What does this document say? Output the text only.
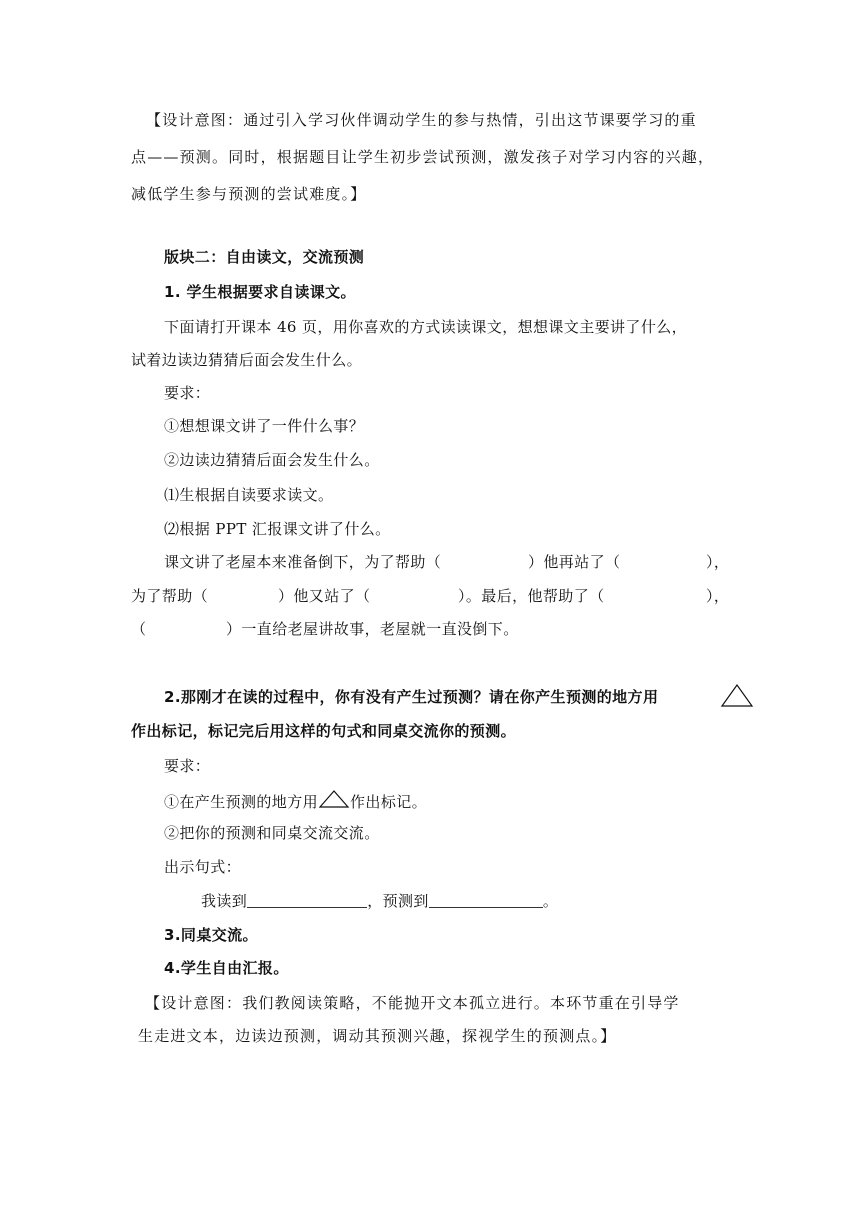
【设计意图：通过引入学习伙伴调动学生的参与热情，引出这节课要学习的重
点——预测。同时，根据题目让学生初步尝试预测，激发孩子对学习内容的兴趣，
减低学生参与预测的尝试难度。】
版块二：自由读文，交流预测
1. 学生根据要求自读课文。
下面请打开课本 46 页，用你喜欢的方式读读课文，想想课文主要讲了什么，
试着边读边猜猜后面会发生什么。
要求：
①想想课文讲了一件什么事？
②边读边猜猜后面会发生什么。
⑴生根据自读要求读文。
⑵根据 PPT 汇报课文讲了什么。
课文讲了老屋本来准备倒下，为了帮助（	）他再站了（	），
为了帮助（	）他又站了（	）。最后，他帮助了（	），
（	）一直给老屋讲故事，老屋就一直没倒下。
2.那刚才在读的过程中，你有没有产生过预测？请在你产生预测的地方用
作出标记，标记完后用这样的句式和同桌交流你的预测。
要求：
①在产生预测的地方用 作出标记。
②把你的预测和同桌交流交流。
出示句式：
我读到	，预测到	。
3.同桌交流。
4.学生自由汇报。
【设计意图：我们教阅读策略，不能抛开文本孤立进行。本环节重在引导学
生走进文本，边读边预测，调动其预测兴趣，探视学生的预测点。】
